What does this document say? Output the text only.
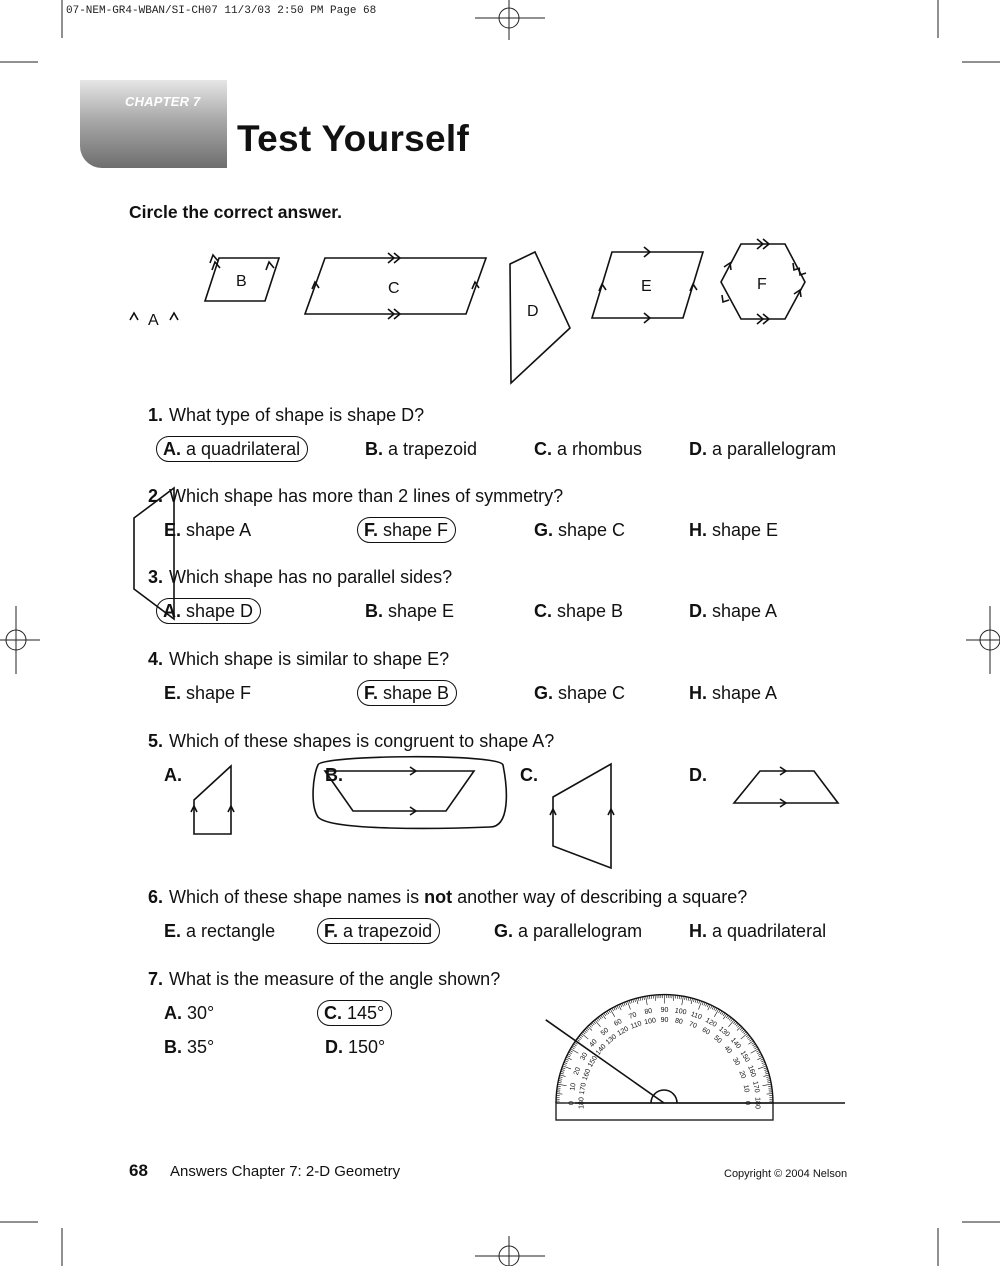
07-NEM-GR4-WBAN/SI-CH07 11/3/03 2:50 PM Page 68
CHAPTER 7
Test Yourself
Circle the correct answer.
A
B	C
D
E	F
1. What type of shape is shape D?
A. a quadrilateral	B. a trapezoid	C. a rhombus	D. a parallelogram
2. Which shape has more than 2 lines of symmetry?
E. shape A	F. shape F	G. shape C	H. shape E
3. Which shape has no parallel sides?
A. shape D	B. shape E	C. shape B	D. shape A
4. Which shape is similar to shape E?
E. shape F	F. shape B	G. shape C	H. shape A
5. Which of these shapes is congruent to shape A?
A.	B.	C.	D.
6. Which of these shape names is not another way of describing a square?
E. a rectangle	F. a trapezoid	G. a parallelogram	H. a quadrilateral
7. What is the measure of the angle shown?
A. 30°	C. 145°
B. 35°	D. 150°
0 180
10 170
20 160
30
150
40
140
50
130
60
120
70
110
80
100
90
90
100
80
110
70 120
60 130
50 140
40 150
30
160
20
170
10
180
0
68 Answers Chapter 7: 2-D Geometry	Copyright © 2004 Nelson
